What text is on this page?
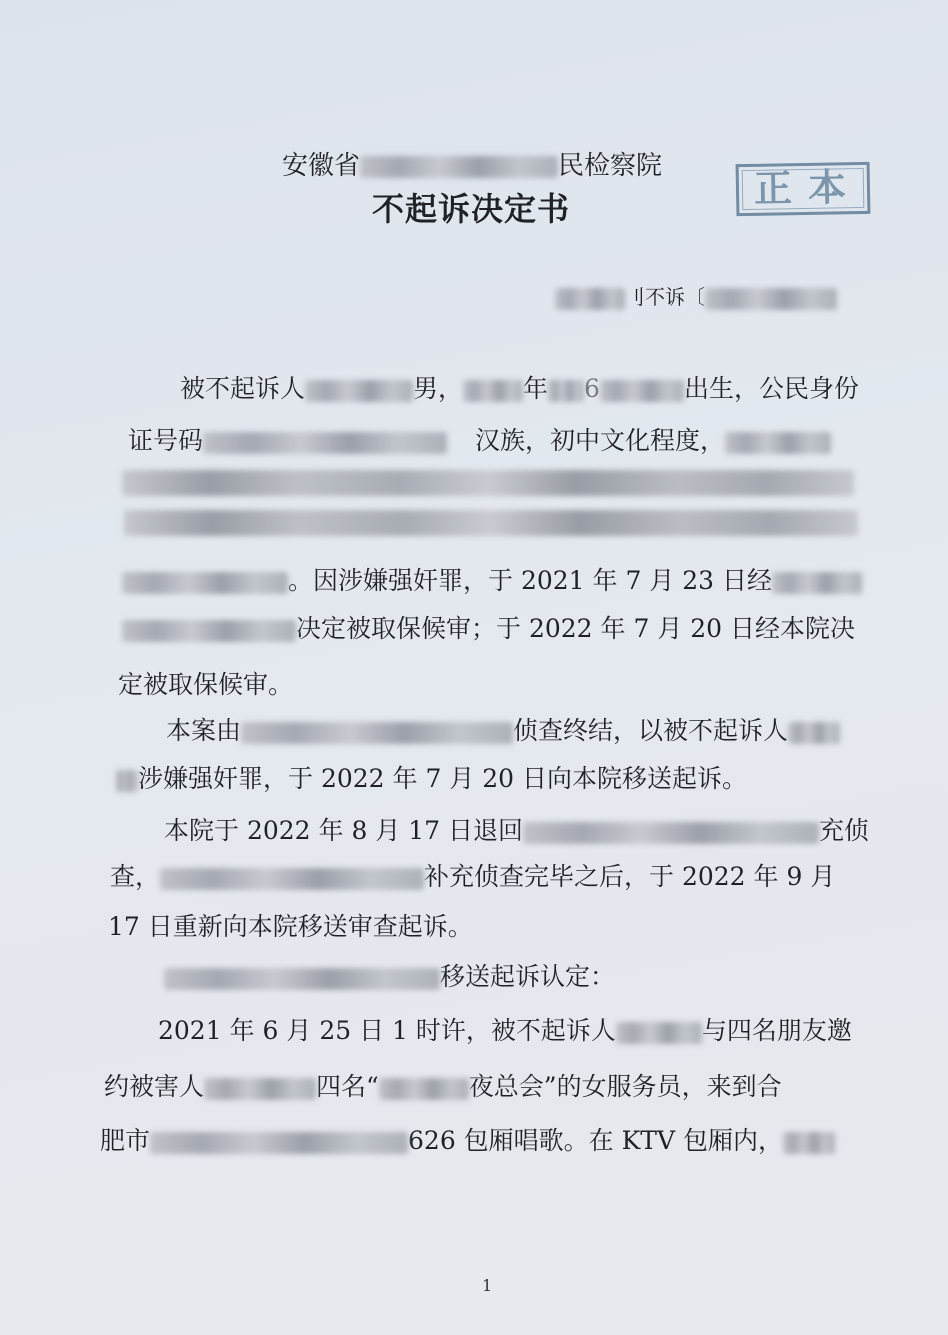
安徽省	民检察院
不起诉决定书	正本
刂不诉〔
被不起诉人	男， 年 6	出生，公民身份
证号码	汉族，初中文化程度，
。因涉嫌强奸罪，于 2021 年 7 月 23 日经
决定被取保候审；于 2022 年 7 月 20 日经本院决
定被取保候审。
本案由	侦查终结，以被不起诉人
涉嫌强奸罪，于 2022 年 7 月 20 日向本院移送起诉。
本院于 2022 年 8 月 17 日退回	充侦
查，	补充侦查完毕之后，于 2022 年 9 月
17 日重新向本院移送审查起诉。
移送起诉认定：
2021 年 6 月 25 日 1 时许，被不起诉人	与四名朋友邀
约被害人	四名“	夜总会”的女服务员，来到合
肥市	626 包厢唱歌。在 KTV 包厢内，
1
